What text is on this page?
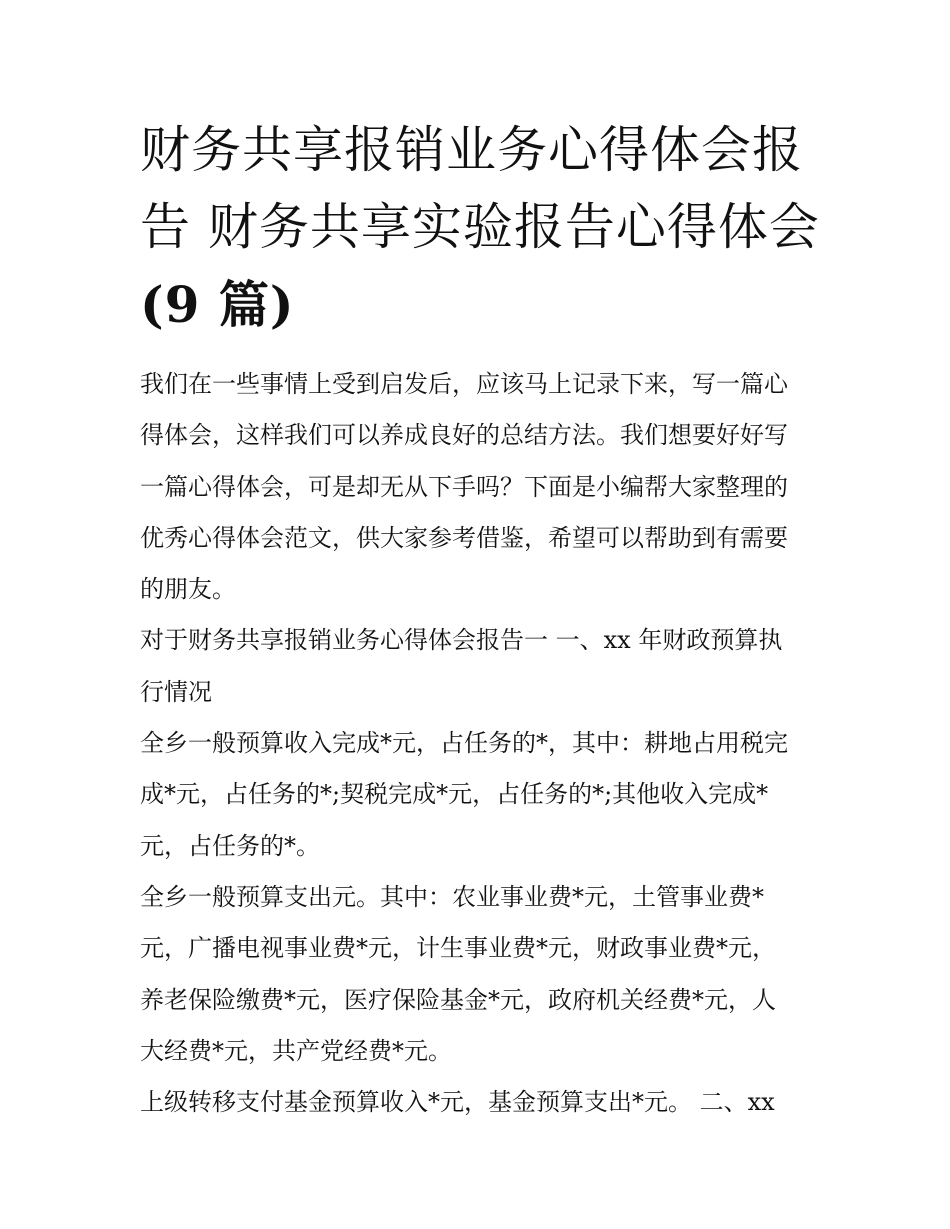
财务共享报销业务心得体会报
告 财务共享实验报告心得体会
(9 篇)
我们在一些事情上受到启发后，应该马上记录下来，写一篇心
得体会，这样我们可以养成良好的总结方法。我们想要好好写
一篇心得体会，可是却无从下手吗？下面是小编帮大家整理的
优秀心得体会范文，供大家参考借鉴，希望可以帮助到有需要
的朋友。
对于财务共享报销业务心得体会报告一 一、xx 年财政预算执
行情况
全乡一般预算收入完成*元，占任务的*，其中：耕地占用税完
成*元，占任务的*;契税完成*元，占任务的*;其他收入完成*
元，占任务的*。
全乡一般预算支出元。其中：农业事业费*元，土管事业费*
元，广播电视事业费*元，计生事业费*元，财政事业费*元，
养老保险缴费*元，医疗保险基金*元，政府机关经费*元，人
大经费*元，共产党经费*元。
上级转移支付基金预算收入*元，基金预算支出*元。 二、xx
